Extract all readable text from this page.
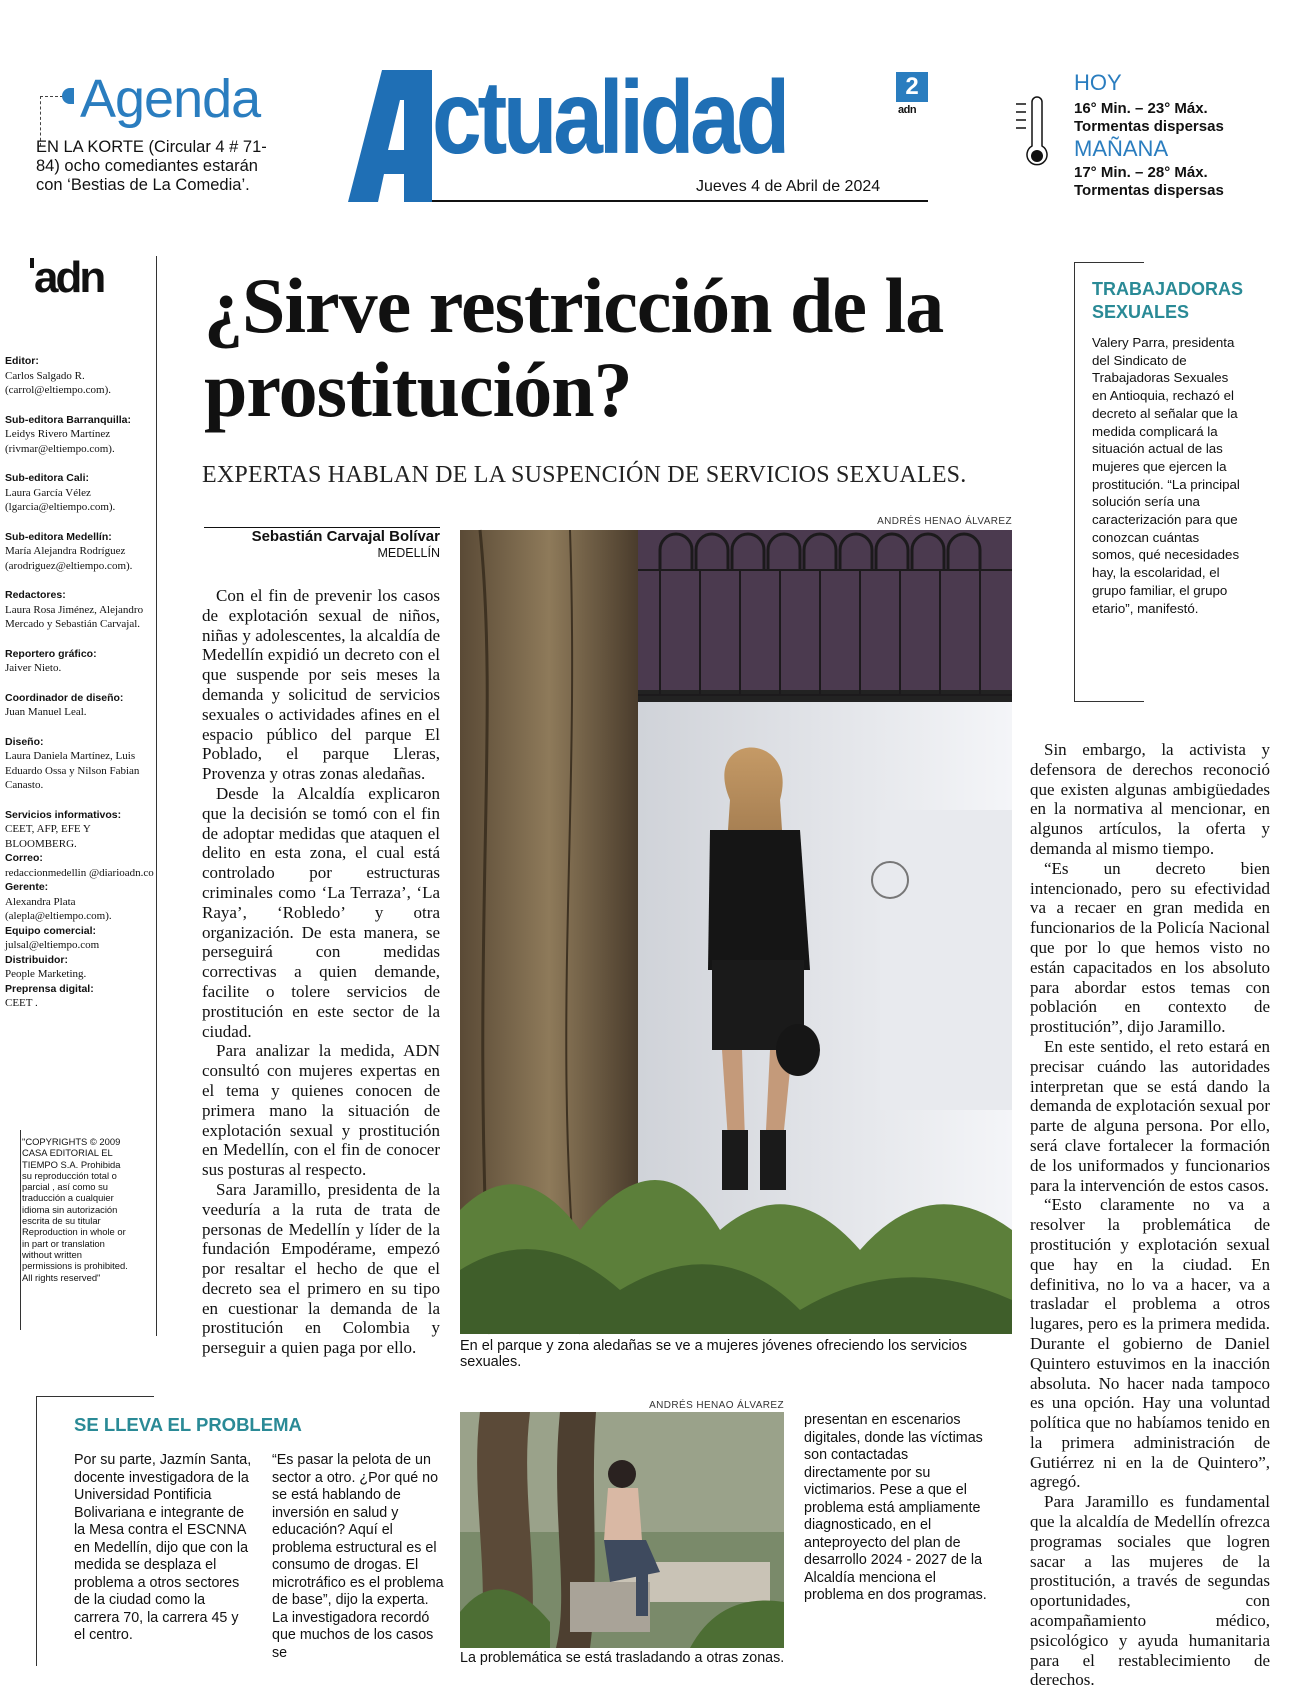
Agenda
EN LA KORTE (Circular 4 # 71-84) ocho comediantes estarán con ‘Bestias de La Comedia’.
ctualidad
Jueves 4 de Abril de 2024
2
adn
HOY
16° Min. – 23° Máx.
Tormentas dispersas
MAÑANA
17° Min. – 28° Máx.
Tormentas dispersas
adn
Editor:
Carlos Salgado R. (carrol@eltiempo.com).
Sub-editora Barranquilla:
Leidys Rivero Martínez (rivmar@eltiempo.com).
Sub-editora Cali:
Laura García Vélez (lgarcia@eltiempo.com).
Sub-editora Medellín:
María Alejandra Rodríguez (arodriguez@eltiempo.com).
Redactores:
Laura Rosa Jiménez, Alejandro Mercado y Sebastián Carvajal.
Reportero gráfico:
Jaiver Nieto.
Coordinador de diseño:
Juan Manuel Leal.
Diseño:
Laura Daniela Martínez, Luis Eduardo Ossa y Nilson Fabian Canasto.
Servicios informativos:
CEET, AFP, EFE Y BLOOMBERG.
Correo:
redaccionmedellin @diarioadn.co
Gerente:
Alexandra Plata (alepla@eltiempo.com).
Equipo comercial:
julsal@eltiempo.com
Distribuidor:
People Marketing.
Preprensa digital:
CEET .
"COPYRIGHTS © 2009 CASA EDITORIAL EL TIEMPO S.A. Prohibida su reproducción total o parcial , así como su traducción a cualquier idioma sin autorización escrita de su titular Reproduction in whole or in part or translation without written permissions is prohibited. All rights reserved"
¿Sirve restricción de la prostitución?
EXPERTAS HABLAN DE LA SUSPENCIÓN DE SERVICIOS SEXUALES.
Sebastián Carvajal Bolívar
MEDELLÍN

Con el fin de prevenir los casos de explotación sexual de niños, niñas y adolescentes, la alcaldía de Medellín expidió un decreto con el que suspende por seis meses la demanda y solicitud de servicios sexuales o actividades afines en el espacio público del parque El Poblado, el parque Lleras, Provenza y otras zonas aledañas.

Desde la Alcaldía explicaron que la decisión se tomó con el fin de adoptar medidas que ataquen el delito en esta zona, el cual está controlado por estructuras criminales como ‘La Terraza’, ‘La Raya’, ‘Robledo’ y otra organización. De esta manera, se perseguirá con medidas correctivas a quien demande, facilite o tolere servicios de prostitución en este sector de la ciudad.

Para analizar la medida, ADN consultó con mujeres expertas en el tema y quienes conocen de primera mano la situación de explotación sexual y prostitución en Medellín, con el fin de conocer sus posturas al respecto.

Sara Jaramillo, presidenta de la veeduría a la ruta de trata de personas de Medellín y líder de la fundación Empodérame, empezó por resaltar el hecho de que el decreto sea el primero en su tipo en cuestionar la demanda de la prostitución en Colombia y perseguir a quien paga por ello.

ANDRÉS HENAO ÁLVAREZ
En el parque y zona aledañas se ve a mujeres jóvenes ofreciendo los servicios sexuales.

Sin embargo, la activista y defensora de derechos reconoció que existen algunas ambigüedades en la normativa al mencionar, en algunos artículos, la oferta y demanda al mismo tiempo.

“Es un decreto bien intencionado, pero su efectividad va a recaer en gran medida en funcionarios de la Policía Nacional que por lo que hemos visto no están capacitados en los absoluto para abordar estos temas con población en contexto de prostitución”, dijo Jaramillo.

En este sentido, el reto estará en precisar cuándo las autoridades interpretan que se está dando la demanda de explotación sexual por parte de alguna persona. Por ello, será clave fortalecer la formación de los uniformados y funcionarios para la intervención de estos casos.

“Esto claramente no va a resolver la problemática de prostitución y explotación sexual que hay en la ciudad. En definitiva, no lo va a hacer, va a trasladar el problema a otros lugares, pero es la primera medida. Durante el gobierno de Daniel Quintero estuvimos en la inacción absoluta. No hacer nada tampoco es una opción. Hay una voluntad política que no habíamos tenido en la primera administración de Gutiérrez ni en la de Quintero”, agregó.

Para Jaramillo es fundamental que la alcaldía de Medellín ofrezca programas sociales que logren sacar a las mujeres de la prostitución, a través de segundas oportunidades, con acompañamiento médico, psicológico y ayuda humanitaria para el restablecimiento de derechos.

TRABAJADORAS SEXUALES
Valery Parra, presidenta del Sindicato de Trabajadoras Sexuales en Antioquia, rechazó el decreto al señalar que la medida complicará la situación actual de las mujeres que ejercen la prostitución. “La principal solución sería una caracterización para que conozcan cuántas somos, qué necesidades hay, la escolaridad, el grupo familiar, el grupo etario”, manifestó.
SE LLEVA EL PROBLEMA
Por su parte, Jazmín Santa, docente investigadora de la Universidad Pontificia Bolivariana e integrante de la Mesa contra el ESCNNA en Medellín, dijo que con la medida se desplaza el problema a otros sectores de la ciudad como la carrera 70, la carrera 45 y el centro.
“Es pasar la pelota de un sector a otro. ¿Por qué no se está hablando de inversión en salud y educación? Aquí el problema estructural es el consumo de drogas. El microtráfico es el problema de base”, dijo la experta. La investigadora recordó que muchos de los casos se
ANDRÉS HENAO ÁLVAREZ
La problemática se está trasladando a otras zonas.
presentan en escenarios digitales, donde las víctimas son contactadas directamente por su victimarios. Pese a que el problema está ampliamente diagnosticado, en el anteproyecto del plan de desarrollo 2024 - 2027 de la Alcaldía menciona el problema en dos programas.
